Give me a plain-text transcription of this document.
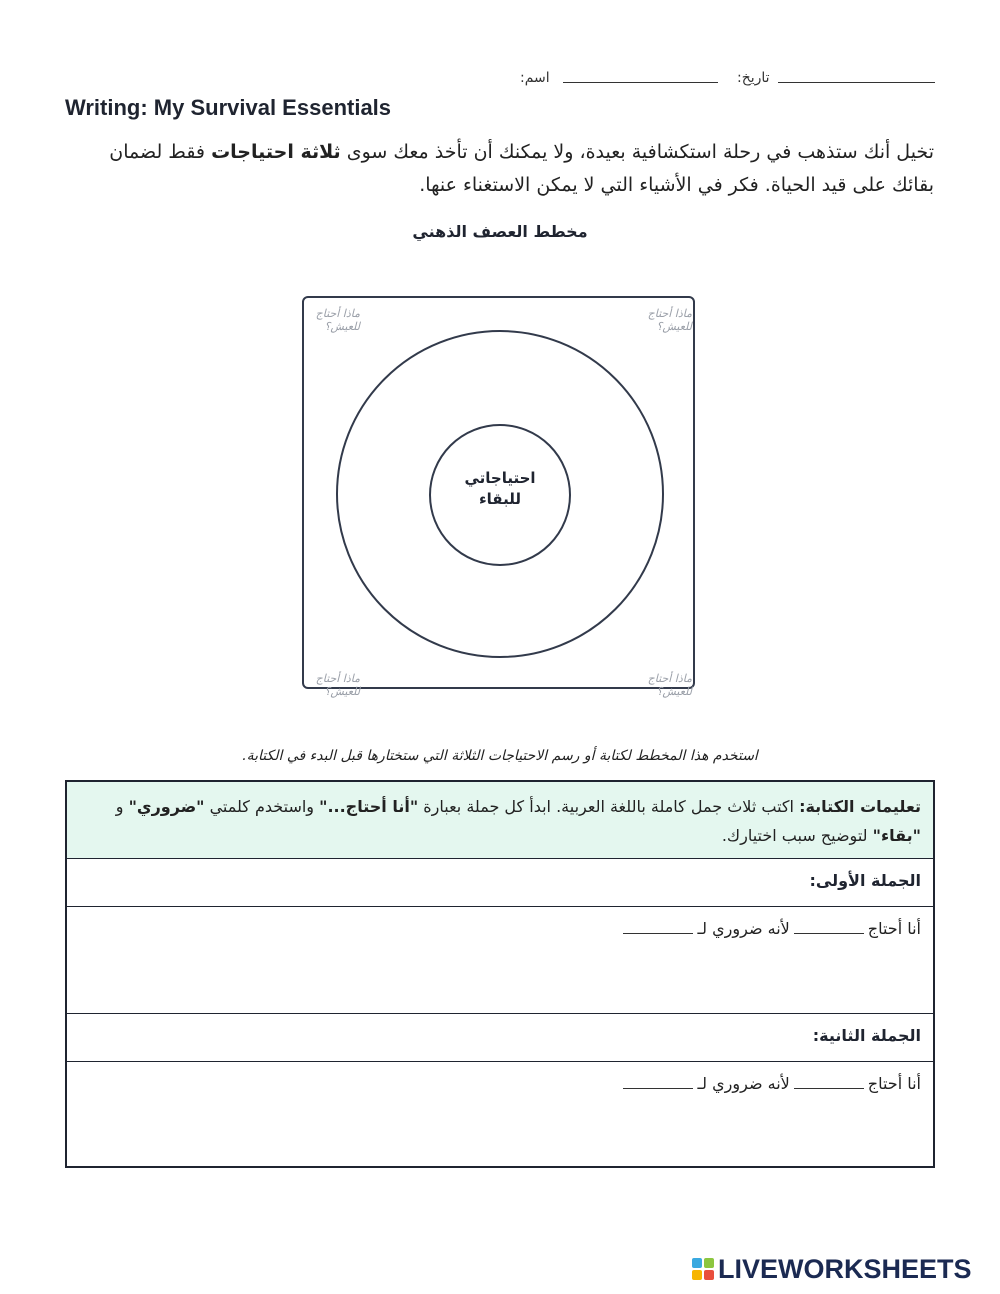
:تاريخ
:اسم
Writing: My Survival Essentials
تخيل أنك ستذهب في رحلة استكشافية بعيدة، ولا يمكنك أن تأخذ معك سوى ثلاثة احتياجات فقط لضمان بقائك على قيد الحياة. فكر في الأشياء التي لا يمكن الاستغناء عنها.
مخطط العصف الذهني
ماذا أحتاج للعيش؟
ماذا أحتاج للعيش؟
ماذا أحتاج للعيش؟
ماذا أحتاج للعيش؟
احتياجاتي
للبقاء
استخدم هذا المخطط لكتابة أو رسم الاحتياجات الثلاثة التي ستختارها قبل البدء في الكتابة.
تعليمات الكتابة: اكتب ثلاث جمل كاملة باللغة العربية. ابدأ كل جملة بعبارة "أنا أحتاج..." واستخدم كلمتي "ضروري" و "بقاء" لتوضيح سبب اختيارك.
الجملة الأولى:
أنا أحتاجلأنه ضروري لـ
الجملة الثانية:
أنا أحتاجلأنه ضروري لـ
LIVEWORKSHEETS
